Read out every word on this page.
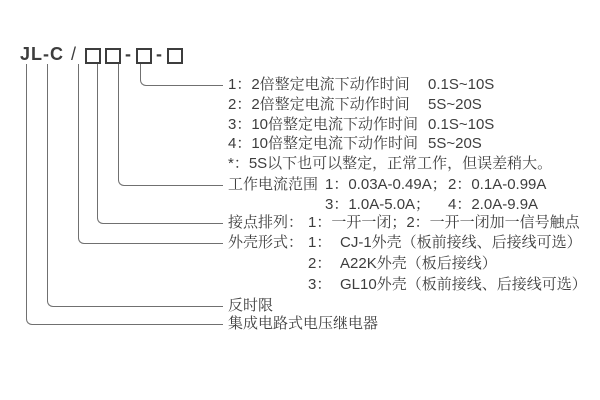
JL-C /	- -
1：2倍整定电流下动作时间 0.1S~10S
2：2倍整定电流下动作时间 5S~20S
3：10倍整定电流下动作时间 0.1S~10S
4：10倍整定电流下动作时间 5S~20S
*：5S以下也可以整定，正常工作，但误差稍大。
工作电流范围 1：0.03A-0.49A； 2：0.1A-0.99A
3：1.0A-5.0A； 4：2.0A-9.9A
接点排列： 1：一开一闭；2：一开一闭加一信号触点
外壳形式： 1： CJ-1外壳（板前接线、后接线可选）
2： A22K外壳（板后接线）
3： GL10外壳（板前接线、后接线可选）
反时限
集成电路式电压继电器
